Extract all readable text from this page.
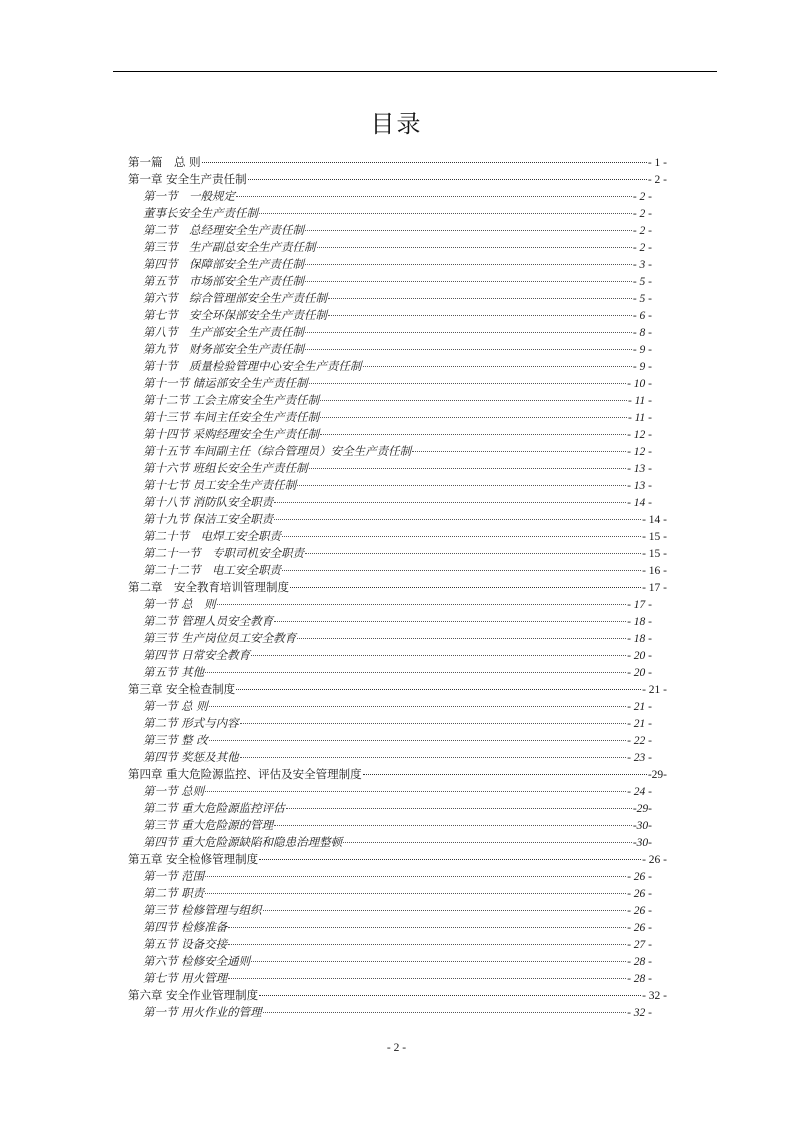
目录
第一篇　总 则	- 1 -
第一章 安全生产责任制	- 2 -
第一节　一般规定	- 2 -
董事长安全生产责任制	- 2 -
第二节　总经理安全生产责任制	- 2 -
第三节　生产副总安全生产责任制	- 2 -
第四节　保障部安全生产责任制	- 3 -
第五节　市场部安全生产责任制	- 5 -
第六节　综合管理部安全生产责任制	- 5 -
第七节　安全环保部安全生产责任制	- 6 -
第八节　生产部安全生产责任制	- 8 -
第九节　财务部安全生产责任制	- 9 -
第十节　质量检验管理中心安全生产责任制	- 9 -
第十一节 储运部安全生产责任制	- 10 -
第十二节 工会主席安全生产责任制	- 11 -
第十三节 车间主任安全生产责任制	- 11 -
第十四节 采购经理安全生产责任制	- 12 -
第十五节 车间副主任（综合管理员）安全生产责任制	- 12 -
第十六节 班组长安全生产责任制	- 13 -
第十七节 员工安全生产责任制	- 13 -
第十八节 消防队安全职责	- 14 -
第十九节 保洁工安全职责	- 14 -
第二十节　电焊工安全职责	- 15 -
第二十一节　专职司机安全职责	- 15 -
第二十二节　电工安全职责	- 16 -
第二章　安全教育培训管理制度	- 17 -
第一节 总　则	- 17 -
第二节 管理人员安全教育	- 18 -
第三节 生产岗位员工安全教育	- 18 -
第四节 日常安全教育	- 20 -
第五节 其他	- 20 -
第三章 安全检查制度	- 21 -
第一节 总 则	- 21 -
第二节 形式与内容	- 21 -
第三节 整 改	- 22 -
第四节 奖惩及其他	- 23 -
第四章 重大危险源监控、评估及安全管理制度	-29-
第一节 总则	- 24 -
第二节 重大危险源监控评估	-29-
第三节 重大危险源的管理	-30-
第四节 重大危险源缺陷和隐患治理整顿	-30-
第五章 安全检修管理制度	- 26 -
第一节 范围	- 26 -
第二节 职责	- 26 -
第三节 检修管理与组织	- 26 -
第四节 检修准备	- 26 -
第五节 设备交接	- 27 -
第六节 检修安全通则	- 28 -
第七节 用火管理	- 28 -
第六章 安全作业管理制度	- 32 -
第一节 用火作业的管理	- 32 -
- 2 -
